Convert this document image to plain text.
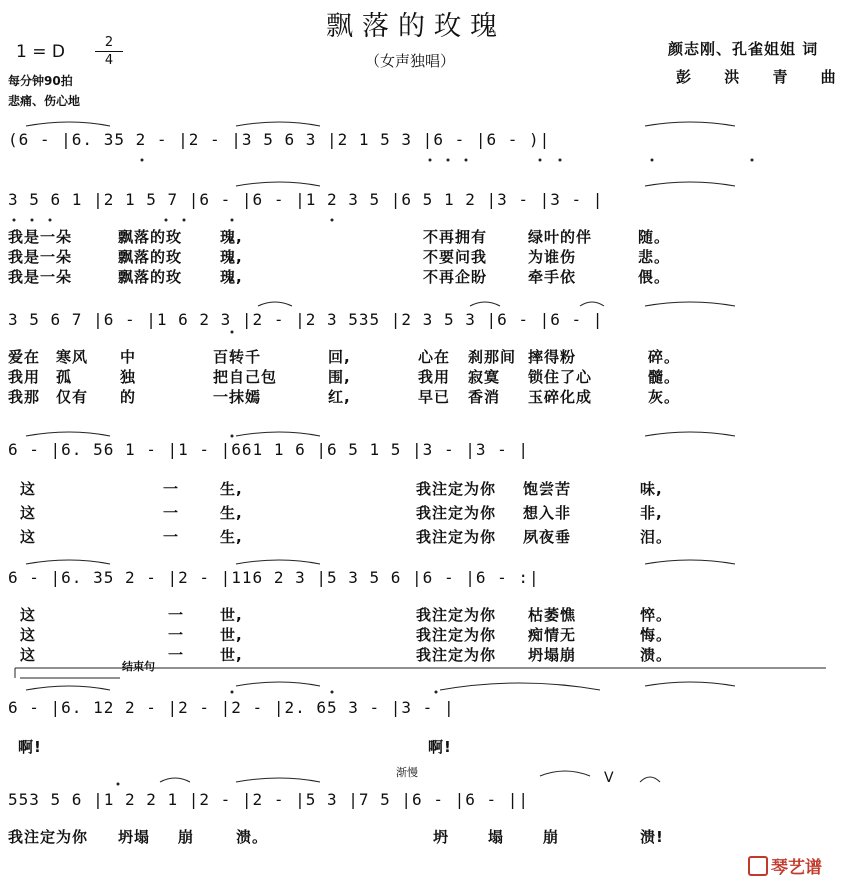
飘落的玫瑰
1 = D	2
4
每分钟90拍
悲痛、伤心地
（女声独唱）
颜志刚、孔雀姐姐 词
彭 洪 青 曲
(6 - |6. 35 2 - |2 - |3 5 6 3 |2 1 5 3 |6 - |6 - )|
3 5 6 1 |2 1 5 7 |6 - |6 - |1 2 3 5 |6 5 1 2 |3 - |3 - |
我是一朵	飘落的玫	瑰,	不再拥有	绿叶的伴	随。
我是一朵	飘落的玫	瑰,	不要问我	为谁伤	悲。
我是一朵	飘落的玫	瑰,	不再企盼	牵手依	偎。
3 5 6 7 |6 - |1 6 2 3 |2 - |2 3 535 |2 3 5 3 |6 - |6 - |
爱在 寒风 中	百转千	回,	心在 刹那间 摔得粉	碎。
我用 孤	独	把自己包	围,	我用 寂寞 锁住了心	髓。
我那 仅有 的	一抹嫣	红,	早已 香消 玉碎化成	灰。
6 - |6. 56 1 - |1 - |661 1 6 |6 5 1 5 |3 - |3 - |
这	一	生,	我注定为你 饱尝苦	味,
这	一	生,	我注定为你 想入非	非,
这	一	生,	我注定为你 夙夜垂	泪。
6 - |6. 35 2 - |2 - |116 2 3 |5 3 5 6 |6 - |6 - :|
这	一 世,	我注定为你 枯萎憔	悴。
这	一 世,	我注定为你 痴情无	悔。
这	一 世,	我注定为你 坍塌崩	溃。
结束句
6 - |6. 12 2 - |2 - |2 - |2. 65 3 - |3 - |
啊!	啊!
渐慢	V
553 5 6 |1 2 2 1 |2 - |2 - |5 3 |7 5 |6 - |6 - ||
我注定为你 坍塌 崩	溃。	坍	塌	崩	溃!
琴艺谱
